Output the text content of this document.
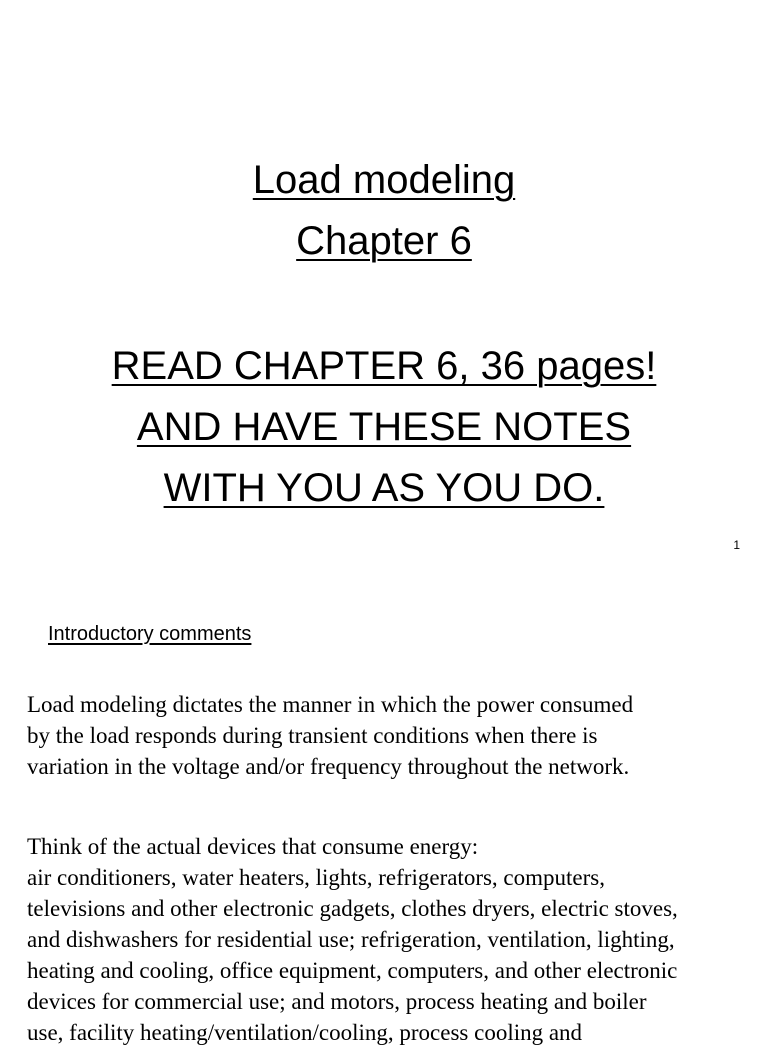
Load modeling
Chapter 6
READ CHAPTER 6, 36 pages!
AND HAVE THESE NOTES
WITH YOU AS YOU DO.
1
Introductory comments
Load modeling dictates the manner in which the power consumed
by the load responds during transient conditions when there is
variation in the voltage and/or frequency throughout the network.
Think of the actual devices that consume energy:
air conditioners, water heaters, lights, refrigerators, computers,
televisions and other electronic gadgets, clothes dryers, electric stoves,
and dishwashers for residential use; refrigeration, ventilation, lighting,
heating and cooling, office equipment, computers, and other electronic
devices for commercial use; and motors, process heating and boiler
use, facility heating/ventilation/cooling, process cooling and
